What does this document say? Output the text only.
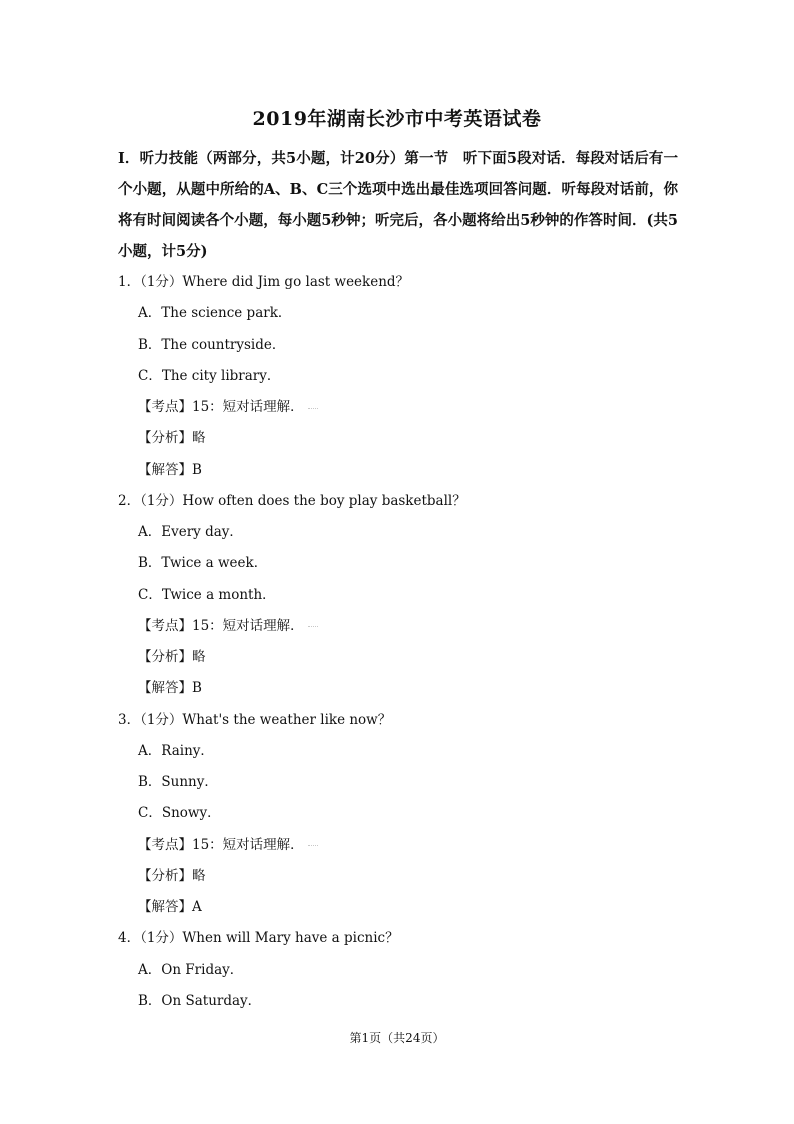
2019年湖南长沙市中考英语试卷
I．听力技能（两部分，共5小题，计20分）第一节　听下面5段对话．每段对话后有一个小题，从题中所给的A、B、C三个选项中选出最佳选项回答问题．听每段对话前，你将有时间阅读各个小题，每小题5秒钟；听完后，各小题将给出5秒钟的作答时间．(共5小题，计5分)
1．（1分）Where did Jim go last weekend？
A．The science park．
B．The countryside．
C．The city library．
【考点】15：短对话理解．
【分析】略
【解答】B
2．（1分）How often does the boy play basketball？
A．Every day．
B．Twice a week．
C．Twice a month．
【考点】15：短对话理解．
【分析】略
【解答】B
3．（1分）What's the weather like now？
A．Rainy．
B．Sunny．
C．Snowy．
【考点】15：短对话理解．
【分析】略
【解答】A
4．（1分）When will Mary have a picnic？
A．On Friday．
B．On Saturday．
第1页（共24页）
